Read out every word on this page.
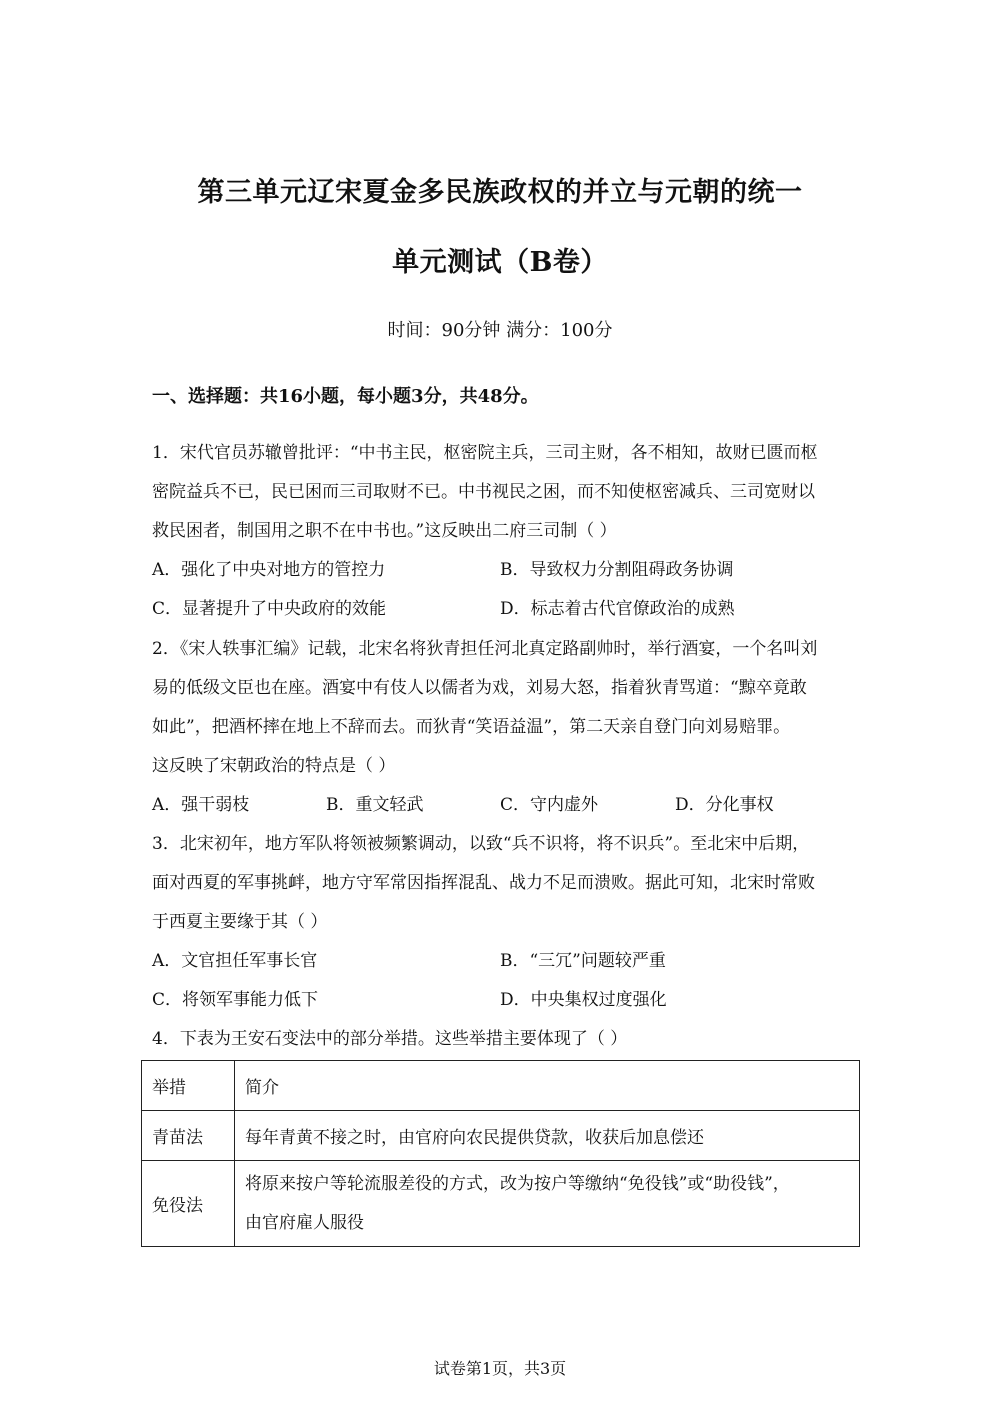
第三单元辽宋夏金多民族政权的并立与元朝的统一
单元测试（B卷）
时间：90分钟 满分：100分
一、选择题：共16小题，每小题3分，共48分。
1．宋代官员苏辙曾批评：“中书主民，枢密院主兵，三司主财，各不相知，故财已匮而枢
密院益兵不已，民已困而三司取财不已。中书视民之困，而不知使枢密减兵、三司宽财以
救民困者，制国用之职不在中书也。”这反映出二府三司制（ ）
A．强化了中央对地方的管控力	B．导致权力分割阻碍政务协调
C．显著提升了中央政府的效能	D．标志着古代官僚政治的成熟
2．《宋人轶事汇编》记载，北宋名将狄青担任河北真定路副帅时，举行酒宴，一个名叫刘
易的低级文臣也在座。酒宴中有伎人以儒者为戏，刘易大怒，指着狄青骂道：“黥卒竟敢
如此”，把酒杯摔在地上不辞而去。而狄青“笑语益温”，第二天亲自登门向刘易赔罪。
这反映了宋朝政治的特点是（ ）
A．强干弱枝	B．重文轻武	C．守内虚外	D．分化事权
3．北宋初年，地方军队将领被频繁调动，以致“兵不识将，将不识兵”。至北宋中后期，
面对西夏的军事挑衅，地方守军常因指挥混乱、战力不足而溃败。据此可知，北宋时常败
于西夏主要缘于其（ ）
A．文官担任军事长官	B．“三冗”问题较严重
C．将领军事能力低下	D．中央集权过度强化
4．下表为王安石变法中的部分举措。这些举措主要体现了（ ）
举措	简介
青苗法	每年青黄不接之时，由官府向农民提供贷款，收获后加息偿还
免役法	将原来按户等轮流服差役的方式，改为按户等缴纳“免役钱”或“助役钱”，
由官府雇人服役
试卷第1页，共3页
